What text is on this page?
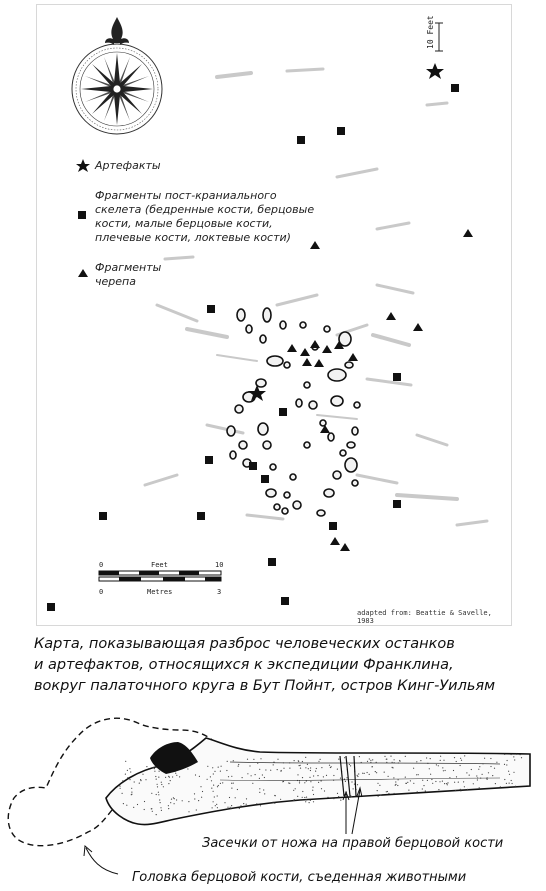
10 Feet
Артефакты
Фрагменты пост-краниального
скелета (бедренные кости, берцовые
кости, малые берцовые кости,
плечевые кости, локтевые кости)
Фрагменты
черепа
0	Feet	10
0	Metres	3
adapted from: Beattie & Savelle, 1983
Карта, показывающая разброс человеческих останков
и артефактов, относящихся к экспедиции Франклина,
вокруг палаточного круга в Бут Пойнт, остров Кинг-Уильям
Засечки от ножа на правой берцовой кости
Головка берцовой кости, съеденная животными
